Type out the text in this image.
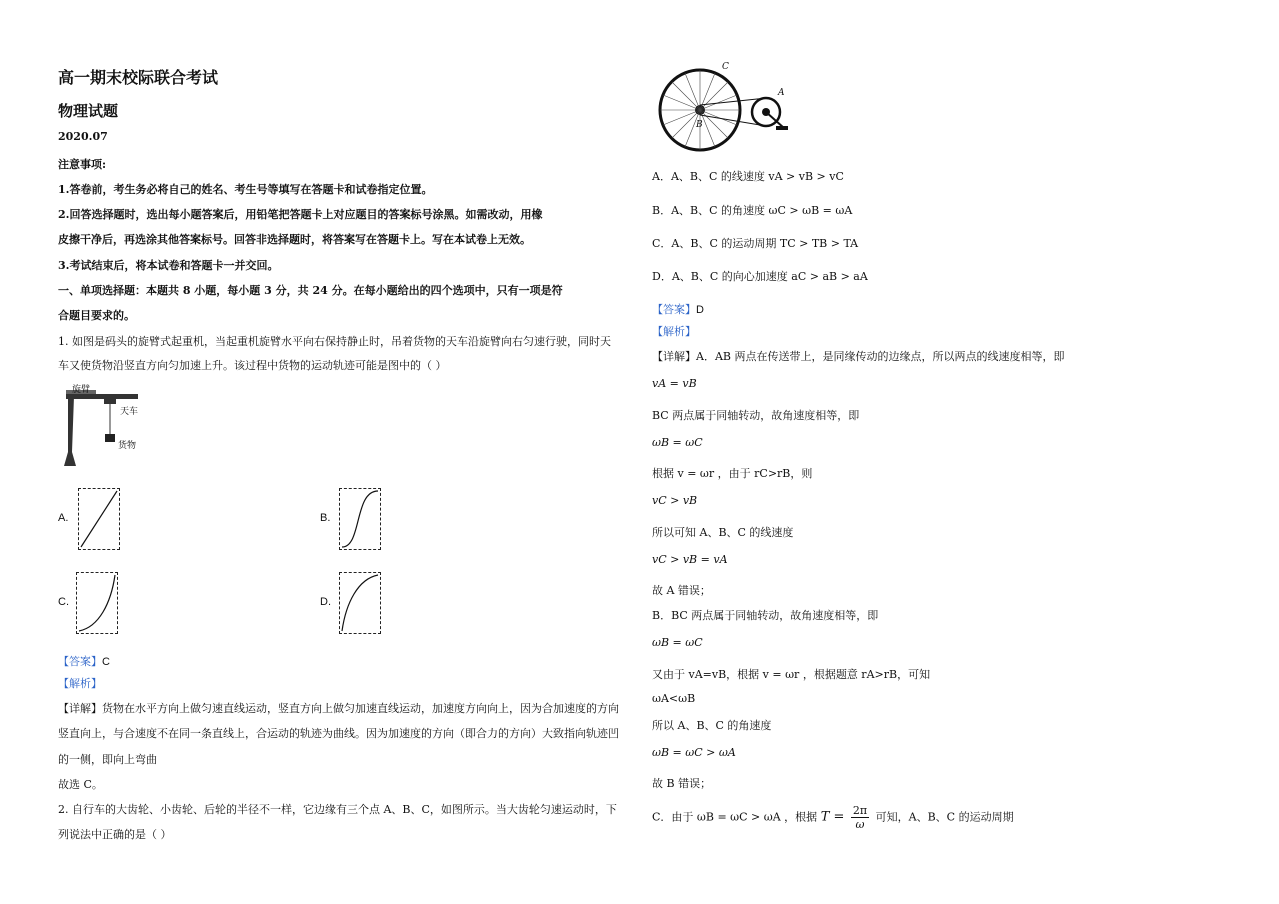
高一期末校际联合考试
物理试题
2020.07
注意事项:
1.答卷前，考生务必将自己的姓名、考生号等填写在答题卡和试卷指定位置。
2.回答选择题时，选出每小题答案后，用铅笔把答题卡上对应题目的答案标号涂黑。如需改动，用橡
皮擦干净后，再选涂其他答案标号。回答非选择题时，将答案写在答题卡上。写在本试卷上无效。
3.考试结束后，将本试卷和答题卡一并交回。
一、单项选择题：本题共 8 小题，每小题 3 分，共 24 分。在每小题给出的四个选项中，只有一项是符
合题目要求的。
1. 如图是码头的旋臂式起重机，当起重机旋臂水平向右保持静止时，吊着货物的天车沿旋臂向右匀速行驶，同时天
车又使货物沿竖直方向匀加速上升。该过程中货物的运动轨迹可能是图中的（ ）
旋臂
天车
货物
A.	B.
C.	D.
【答案】C
【解析】
【详解】货物在水平方向上做匀速直线运动，竖直方向上做匀加速直线运动，加速度方向向上，因为合加速度的方向
竖直向上，与合速度不在同一条直线上，合运动的轨迹为曲线。因为加速度的方向（即合力的方向）大致指向轨迹凹
的一侧，即向上弯曲
故选 C。
2. 自行车的大齿轮、小齿轮、后轮的半径不一样，它边缘有三个点 A、B、C，如图所示。当大齿轮匀速运动时，下
列说法中正确的是（ ）
C
A
B
A．A、B、C 的线速度 vA > vB > vC
B．A、B、C 的角速度 ωC > ωB = ωA
C．A、B、C 的运动周期 TC > TB > TA
D．A、B、C 的向心加速度 aC > aB > aA
【答案】D
【解析】
【详解】A．AB 两点在传送带上，是同缘传动的边缘点，所以两点的线速度相等，即
vA = vB
BC 两点属于同轴转动，故角速度相等，即
ωB = ωC
根据 v = ωr ，由于 rC>rB，则
vC > vB
所以可知 A、B、C 的线速度
vC > vB = vA
故 A 错误；
B．BC 两点属于同轴转动，故角速度相等，即
ωB = ωC
又由于 vA=vB，根据 v = ωr ，根据题意 rA>rB，可知
ωA<ωB
所以 A、B、C 的角速度
ωB = ωC > ωA
故 B 错误；
C．由于 ωB = ωC > ωA ，根据 $T = \frac{2\pi}{\omega}$ 可知，A、B、C 的运动周期
